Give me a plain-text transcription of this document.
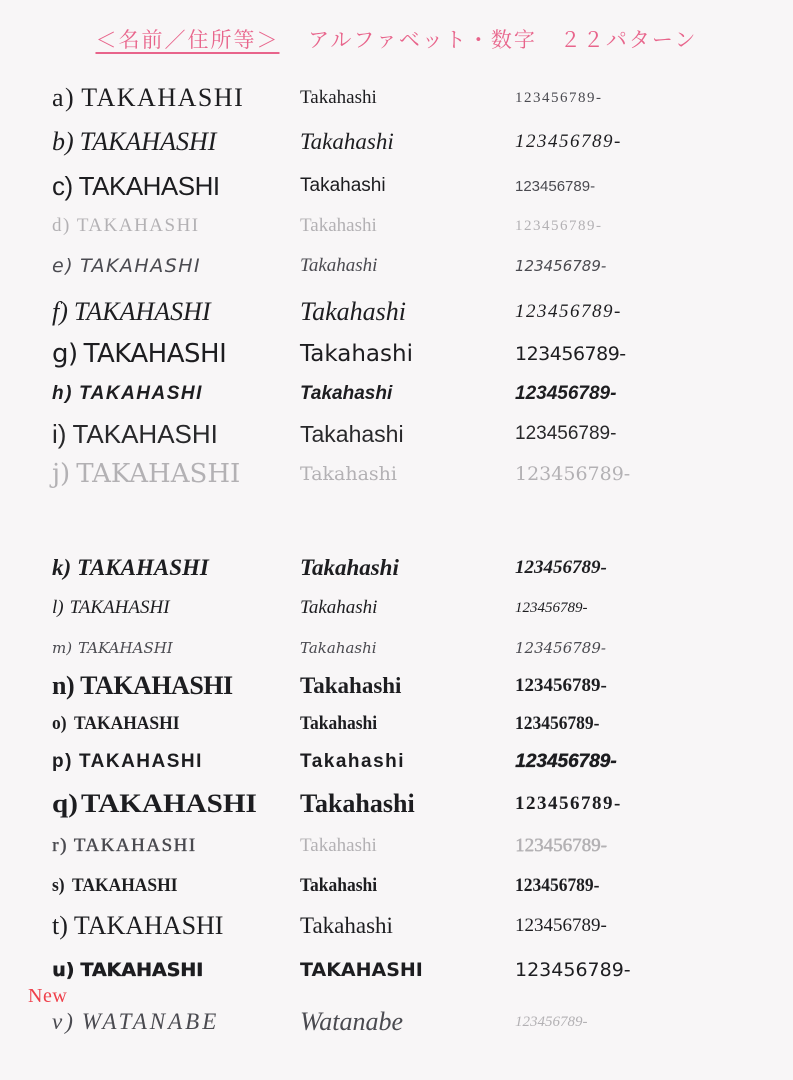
＜名前／住所等＞ アルファベット・数字　２２パターン
a) TAKAHASHI	Takahashi	123456789-
b) TAKAHASHI	Takahashi	123456789-
c) TAKAHASHI	Takahashi	123456789-
d) TAKAHASHI	Takahashi	123456789-
e) TAKAHASHI	Takahashi	123456789-
f) TAKAHASHI	Takahashi	123456789-
g) TAKAHASHI	Takahashi	123456789-
h) TAKAHASHI	Takahashi	123456789-
i) TAKAHASHI	Takahashi	123456789-
j) TAKAHASHI	Takahashi	123456789-
k) TAKAHASHI	Takahashi	123456789-
l) TAKAHASHI	Takahashi	123456789-
m) TAKAHASHI	Takahashi	123456789-
n) TAKAHASHI	Takahashi	123456789-
o) TAKAHASHI	Takahashi	123456789-
p) TAKAHASHI	Takahashi	123456789-
q) TAKAHASHI	Takahashi	123456789-
r) TAKAHASHI	Takahashi	123456789-
s) TAKAHASHI	Takahashi	123456789-
t) TAKAHASHI	Takahashi	123456789-
u) TAKAHASHI	TAKAHASHI	123456789-
v) WATANABE	Watanabe	123456789-
New
